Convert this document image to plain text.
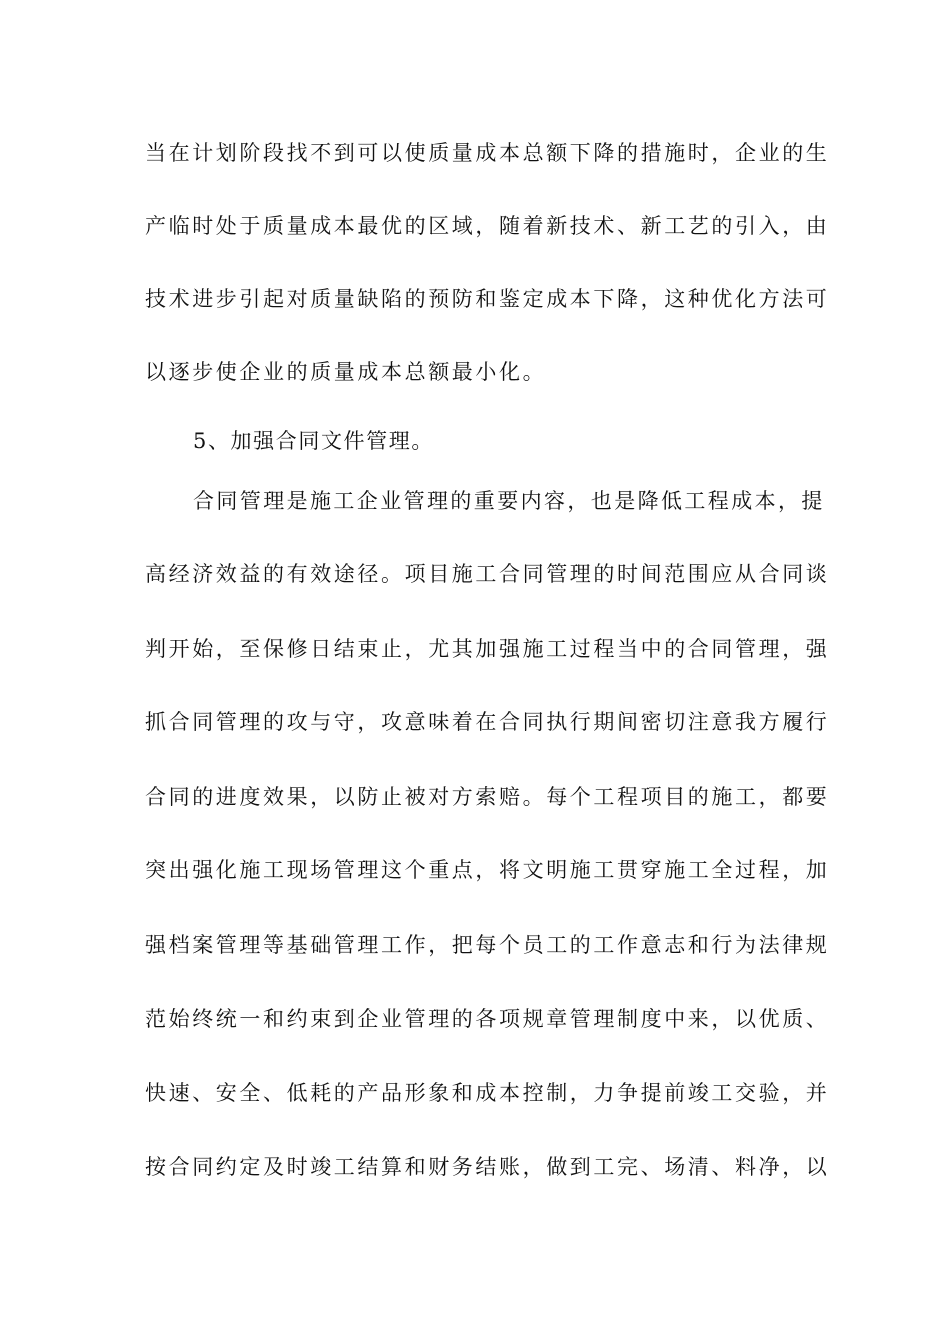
当在计划阶段找不到可以使质量成本总额下降的措施时，企业的生
产临时处于质量成本最优的区域，随着新技术、新工艺的引入，由
技术进步引起对质量缺陷的预防和鉴定成本下降，这种优化方法可
以逐步使企业的质量成本总额最小化。
5、加强合同文件管理。
合同管理是施工企业管理的重要内容，也是降低工程成本，提
高经济效益的有效途径。项目施工合同管理的时间范围应从合同谈
判开始，至保修日结束止，尤其加强施工过程当中的合同管理，强
抓合同管理的攻与守，攻意味着在合同执行期间密切注意我方履行
合同的进度效果，以防止被对方索赔。每个工程项目的施工，都要
突出强化施工现场管理这个重点，将文明施工贯穿施工全过程，加
强档案管理等基础管理工作，把每个员工的工作意志和行为法律规
范始终统一和约束到企业管理的各项规章管理制度中来，以优质、
快速、安全、低耗的产品形象和成本控制，力争提前竣工交验，并
按合同约定及时竣工结算和财务结账，做到工完、场清、料净，以
